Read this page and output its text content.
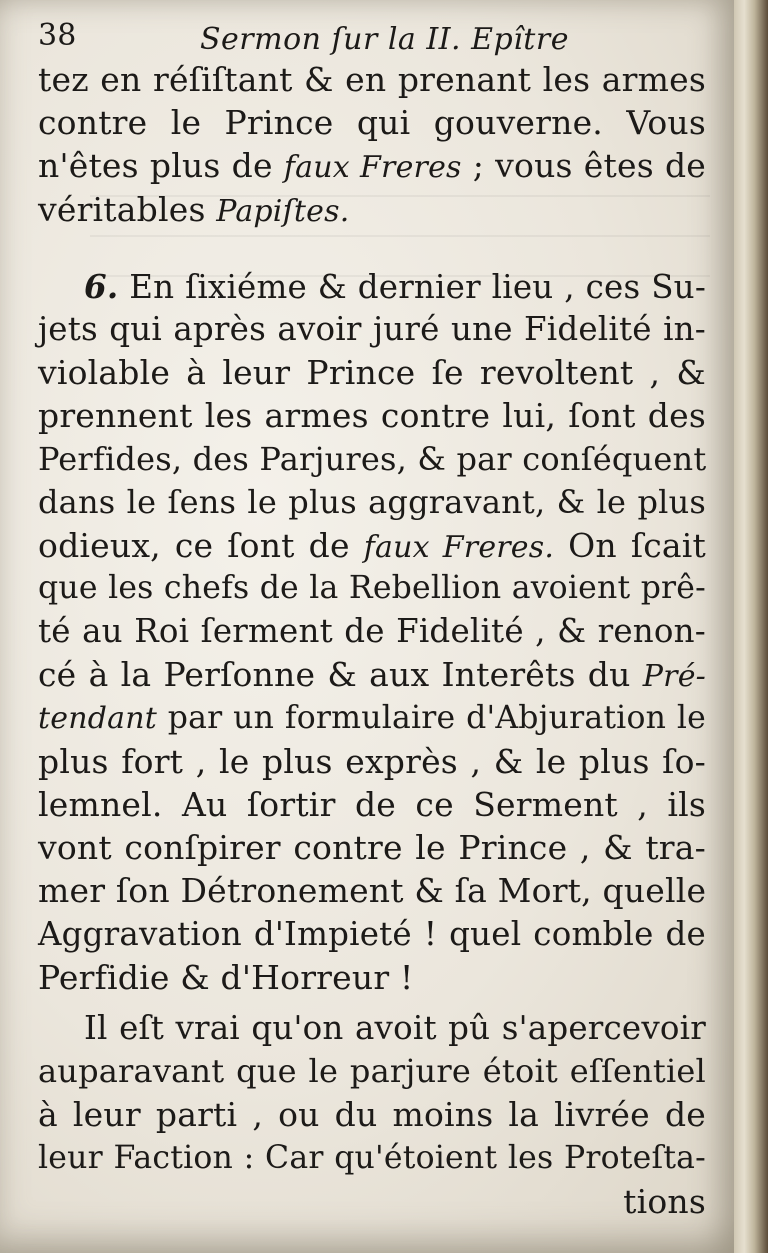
38	Sermon ſur la II. Epître
tez en réſiſtant & en prenant les armes
contre le Prince qui gouverne. Vous
n'êtes plus de faux Freres ; vous êtes de
véritables Papiſtes.
6. En ſixiéme & dernier lieu , ces Su-
jets qui après avoir juré une Fidelité in-
violable à leur Prince ſe revoltent , &
prennent les armes contre lui, ſont des
Perfides, des Parjures, & par conſéquent
dans le ſens le plus aggravant, & le plus
odieux, ce ſont de faux Freres. On ſcait
que les chefs de la Rebellion avoient prê-
té au Roi ſerment de Fidelité , & renon-
cé à la Perſonne & aux Interêts du Pré-
tendant par un formulaire d'Abjuration le
plus fort , le plus exprès , & le plus ſo-
lemnel. Au ſortir de ce Serment , ils
vont conſpirer contre le Prince , & tra-
mer ſon Détronement & ſa Mort, quelle
Aggravation d'Impieté ! quel comble de
Perfidie & d'Horreur !
Il eſt vrai qu'on avoit pû s'apercevoir
auparavant que le parjure étoit eſſentiel
à leur parti , ou du moins la livrée de
leur Faction : Car qu'étoient les Proteſta-
tions
